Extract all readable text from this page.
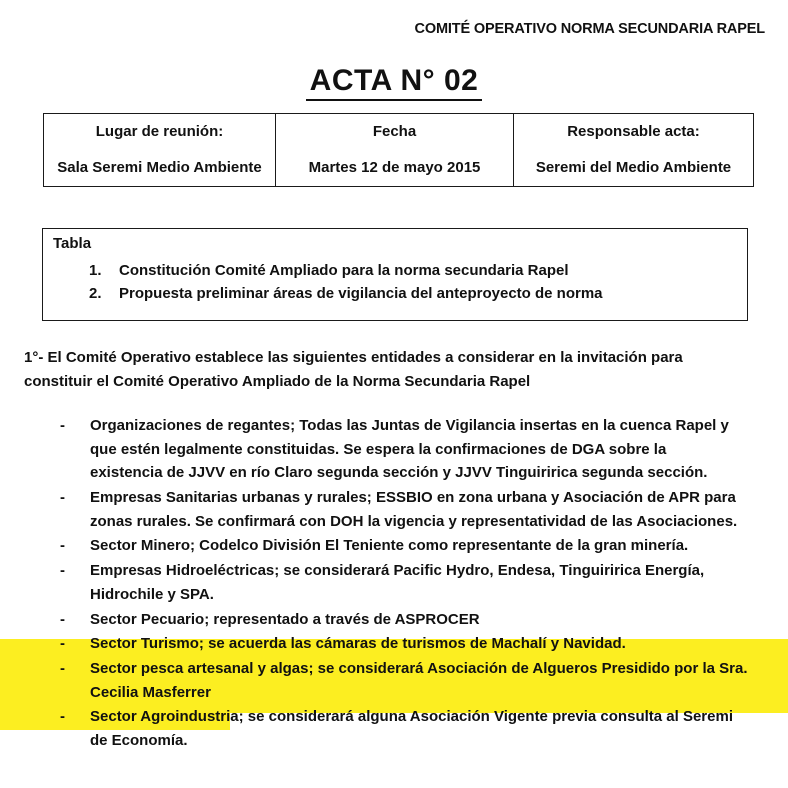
COMITÉ OPERATIVO NORMA SECUNDARIA RAPEL
ACTA N° 02
Lugar de reunión:	Fecha	Responsable acta:
Sala Seremi Medio Ambiente	Martes 12 de mayo 2015	Seremi del Medio Ambiente
Tabla
1.	Constitución Comité Ampliado para la norma secundaria Rapel
2.	Propuesta preliminar áreas de vigilancia del anteproyecto de norma
1°- El Comité Operativo establece las siguientes entidades a considerar en la invitación para
constituir el Comité Operativo Ampliado de la Norma Secundaria Rapel
-	Organizaciones de regantes; Todas las Juntas de Vigilancia insertas en la cuenca Rapel y
que estén legalmente constituidas. Se espera la confirmaciones de DGA sobre la
existencia de JJVV en río Claro segunda sección y JJVV Tinguiririca segunda sección.
-	Empresas Sanitarias urbanas y rurales; ESSBIO en zona urbana y Asociación de APR para
zonas rurales. Se confirmará con DOH la vigencia y representatividad de las Asociaciones.
-	Sector Minero; Codelco División El Teniente como representante de la gran minería.
-	Empresas Hidroeléctricas; se considerará Pacific Hydro, Endesa, Tinguiririca Energía,
Hidrochile y SPA.
-	Sector Pecuario; representado a través de ASPROCER
-	Sector Turismo; se acuerda las cámaras de turismos de Machalí y Navidad.
-	Sector pesca artesanal y algas; se considerará Asociación de Algueros Presidido por la Sra.
Cecilia Masferrer
-	Sector Agroindustria; se considerará alguna Asociación Vigente previa consulta al Seremi
de Economía.
